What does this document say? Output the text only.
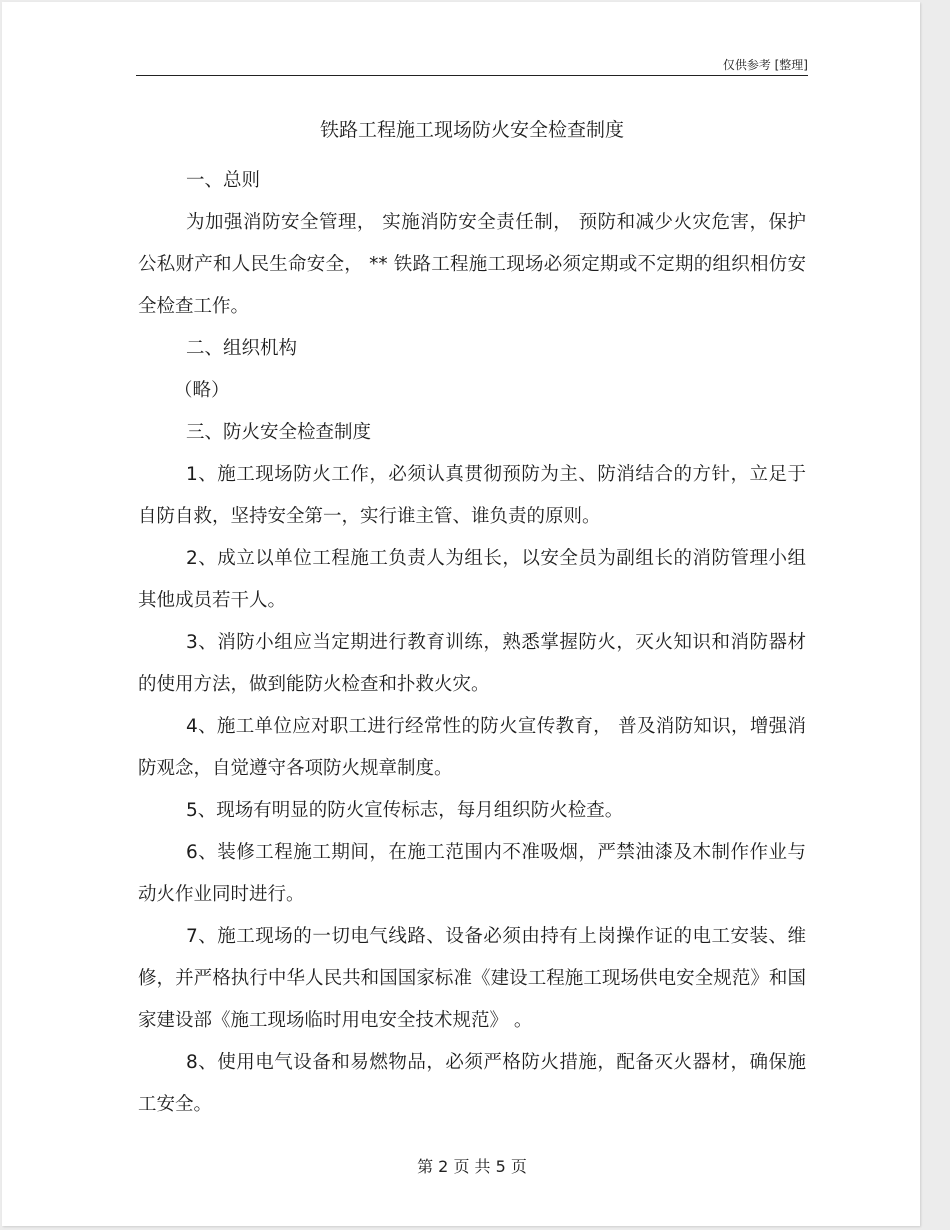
仅供参考 [整理]
铁路工程施工现场防火安全检查制度

一、总则

为加强消防安全管理， 实施消防安全责任制， 预防和减少火灾危害，保护公私财产和人民生命安全， ** 铁路工程施工现场必须定期或不定期的组织相仿安全检查工作。

二、组织机构

（略）

三、防火安全检查制度

1、施工现场防火工作，必须认真贯彻预防为主、防消结合的方针，立足于自防自救，坚持安全第一，实行谁主管、谁负责的原则。

2、成立以单位工程施工负责人为组长，以安全员为副组长的消防管理小组其他成员若干人。

3、消防小组应当定期进行教育训练，熟悉掌握防火，灭火知识和消防器材的使用方法，做到能防火检查和扑救火灾。

4、施工单位应对职工进行经常性的防火宣传教育， 普及消防知识，增强消防观念，自觉遵守各项防火规章制度。

5、现场有明显的防火宣传标志，每月组织防火检查。

6、装修工程施工期间，在施工范围内不准吸烟，严禁油漆及木制作作业与动火作业同时进行。

7、施工现场的一切电气线路、设备必须由持有上岗操作证的电工安装、维修，并严格执行中华人民共和国国家标准《建设工程施工现场供电安全规范》和国家建设部《施工现场临时用电安全技术规范》 。

8、使用电气设备和易燃物品，必须严格防火措施，配备灭火器材，确保施工安全。

第 2 页 共 5 页
